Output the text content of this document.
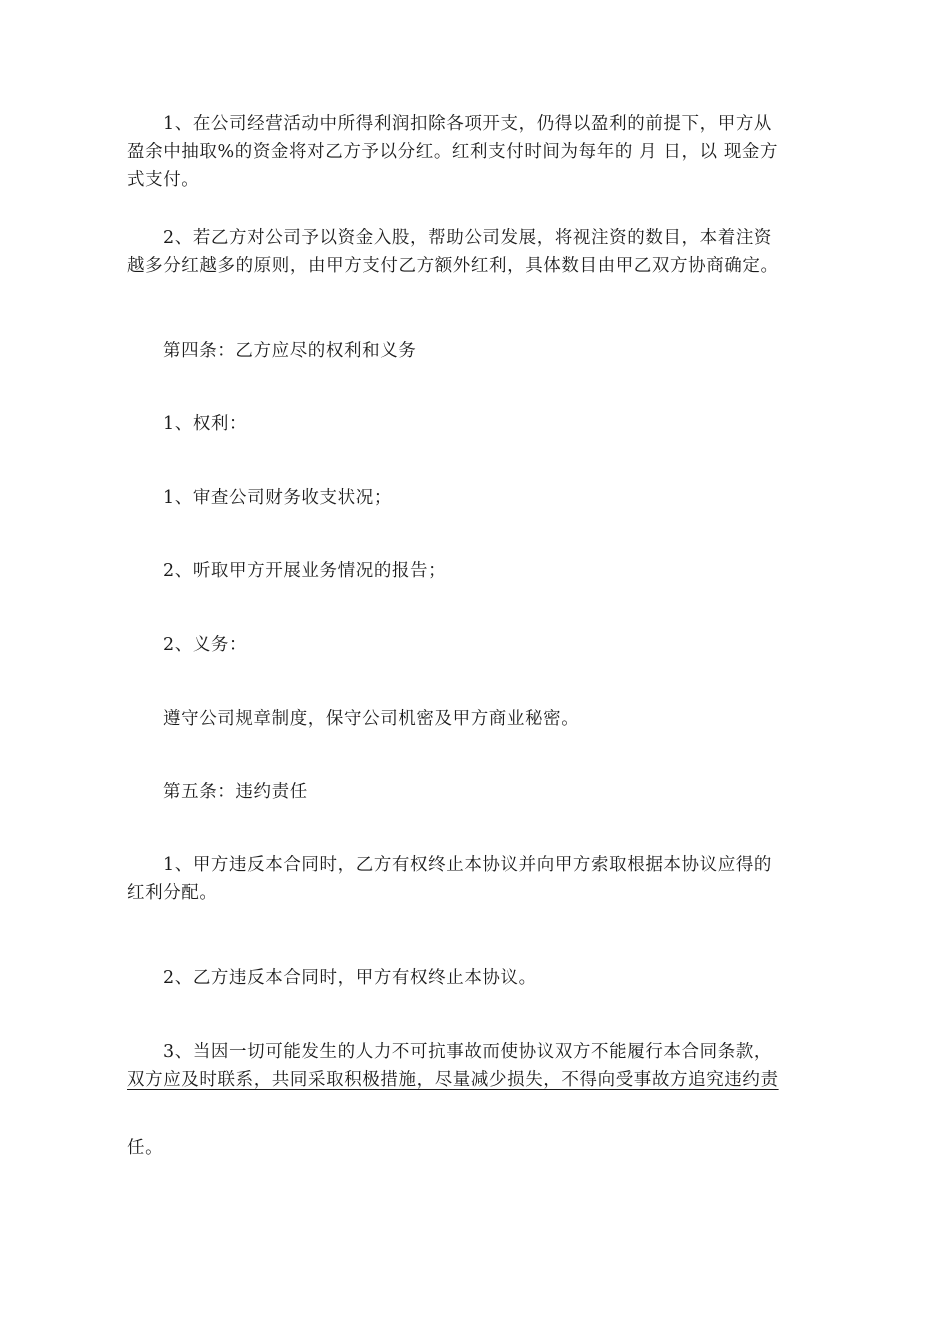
1、在公司经营活动中所得利润扣除各项开支，仍得以盈利的前提下，甲方从
盈余中抽取%的资金将对乙方予以分红。红利支付时间为每年的 月 日，以 现金方
式支付。
2、若乙方对公司予以资金入股，帮助公司发展，将视注资的数目，本着注资
越多分红越多的原则，由甲方支付乙方额外红利，具体数目由甲乙双方协商确定。
第四条：乙方应尽的权利和义务
1、权利：
1、审查公司财务收支状况；
2、听取甲方开展业务情况的报告；
2、义务：
遵守公司规章制度，保守公司机密及甲方商业秘密。
第五条：违约责任
1、甲方违反本合同时，乙方有权终止本协议并向甲方索取根据本协议应得的
红利分配。
2、乙方违反本合同时，甲方有权终止本协议。
3、当因一切可能发生的人力不可抗事故而使协议双方不能履行本合同条款，
双方应及时联系，共同采取积极措施，尽量减少损失，不得向受事故方追究违约责
任。
